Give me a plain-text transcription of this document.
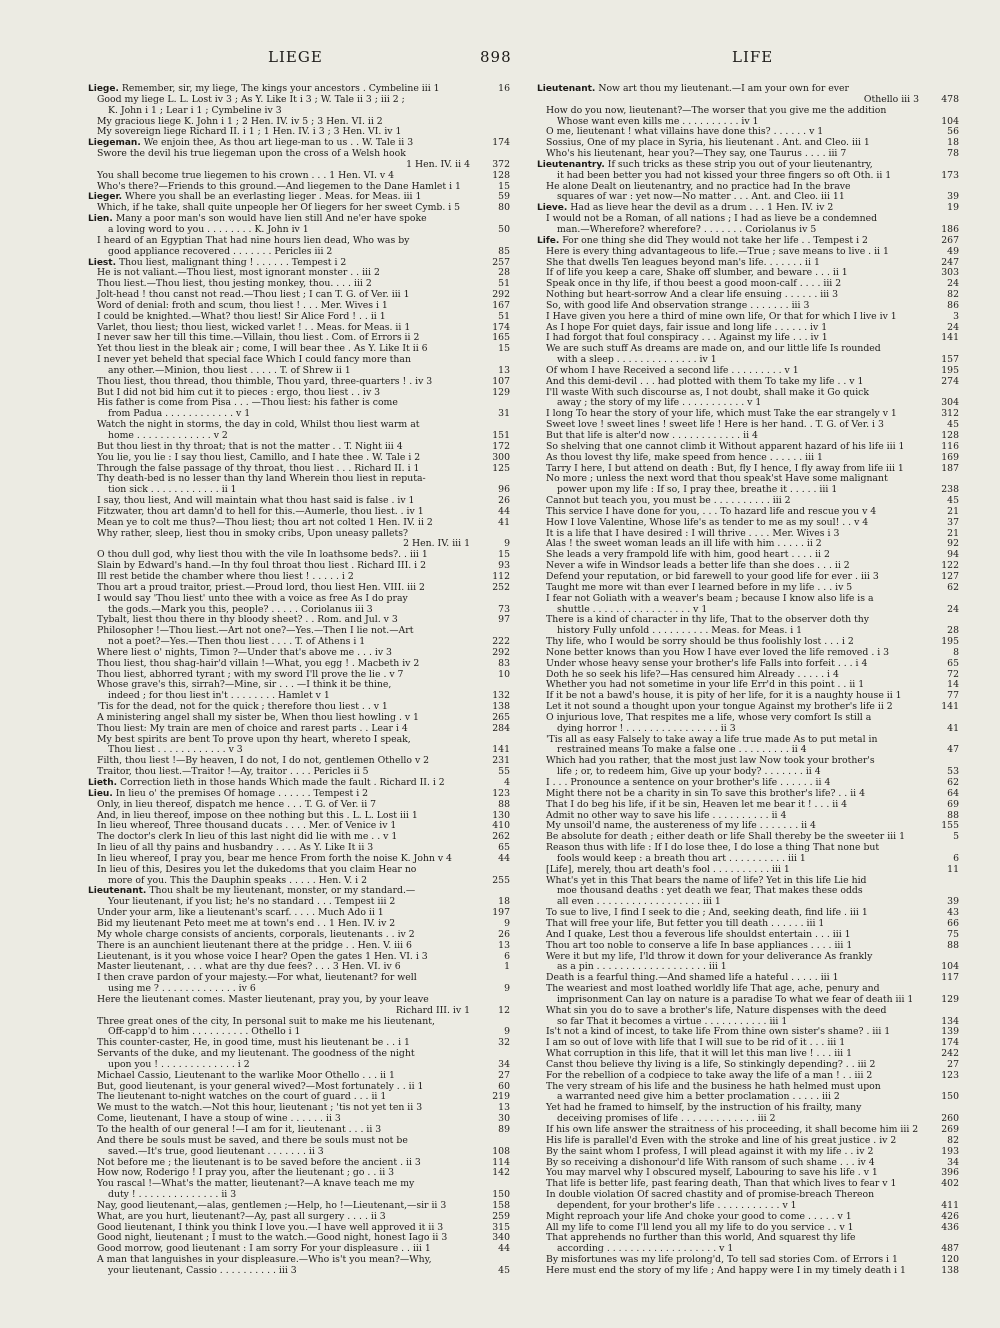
LIEGE	898	LIFE
Liege. Remember, sir, my liege, The kings your ancestors . Cymbeline iii 1	16
Good my liege L. L. Lost iv 3 ; As Y. Like It i 3 ; W. Tale ii 3 ; iii 2 ;
K. John i 1 ; Lear i 1 ; Cymbeline iv 3
My gracious liege K. John i 1 ; 2 Hen. IV. iv 5 ; 3 Hen. VI. ii 2
My sovereign liege Richard II. i 1 ; 1 Hen. IV. i 3 ; 3 Hen. VI. iv 1
Liegeman. We enjoin thee, As thou art liege-man to us . . W. Tale ii 3	174
Swore the devil his true liegeman upon the cross of a Welsh hook
1 Hen. IV. ii 4	372
You shall become true liegemen to his crown . . . 1 Hen. VI. v 4	128
Who's there?—Friends to this ground.—And liegemen to the Dane Hamlet i 1	15
Lieger. Where you shall be an everlasting lieger . Meas. for Meas. iii 1	59
Which, if he take, shall quite unpeople her Of liegers for her sweet Cymb. i 5	80
Lien. Many a poor man's son would have lien still And ne'er have spoke
a loving word to you . . . . . . . . K. John iv 1	50
I heard of an Egyptian That had nine hours lien dead, Who was by
good appliance recovered . . . . . . . Pericles iii 2	85
Liest. Thou liest, malignant thing ! . . . . . . Tempest i 2	257
He is not valiant.—Thou liest, most ignorant monster . . iii 2	28
Thou liest.—Thou liest, thou jesting monkey, thou. . . . iii 2	51
Jolt-head ! thou canst not read.—Thou liest ; I can T. G. of Ver. iii 1	292
Word of denial: froth and scum, thou liest ! . . . Mer. Wives i 1	167
I could be knighted.—What? thou liest! Sir Alice Ford ! . . ii 1	51
Varlet, thou liest; thou liest, wicked varlet ! . . Meas. for Meas. ii 1	174
I never saw her till this time.—Villain, thou liest . Com. of Errors ii 2	165
Yet thou liest in the bleak air ; come, I will bear thee . As Y. Like It ii 6	15
I never yet beheld that special face Which I could fancy more than
any other.—Minion, thou liest . . . . . T. of Shrew ii 1	13
Thou liest, thou thread, thou thimble, Thou yard, three-quarters ! . iv 3	107
But I did not bid him cut it to pieces : ergo, thou liest . . iv 3	129
His father is come from Pisa . . . —Thou liest: his father is come
from Padua . . . . . . . . . . . . v 1	31
Watch the night in storms, the day in cold, Whilst thou liest warm at
home . . . . . . . . . . . . . v 2	151
But thou liest in thy throat; that is not the matter . . T. Night iii 4	172
You lie, you lie : I say thou liest, Camillo, and I hate thee . W. Tale i 2	300
Through the false passage of thy throat, thou liest . . . Richard II. i 1	125
Thy death-bed is no lesser than thy land Wherein thou liest in reputa-
tion sick . . . . . . . . . . . . ii 1	96
I say, thou liest, And will maintain what thou hast said is false . iv 1	26
Fitzwater, thou art damn'd to hell for this.—Aumerle, thou liest. . iv 1	44
Mean ye to colt me thus?—Thou liest; thou art not colted 1 Hen. IV. ii 2	41
Why rather, sleep, liest thou in smoky cribs, Upon uneasy pallets?
2 Hen. IV. iii 1	9
O thou dull god, why liest thou with the vile In loathsome beds?. . iii 1	15
Slain by Edward's hand.—In thy foul throat thou liest . Richard III. i 2	93
Ill rest betide the chamber where thou liest ! . . . . . i 2	112
Thou art a proud traitor, priest.—Proud lord, thou liest Hen. VIII. iii 2	252
I would say 'Thou liest' unto thee with a voice as free As I do pray
the gods.—Mark you this, people? . . . . . Coriolanus iii 3	73
Tybalt, liest thou there in thy bloody sheet? . . Rom. and Jul. v 3	97
Philosopher !—Thou liest.—Art not one?—Yes.—Then I lie not.—Art
not a poet?—Yes.—Then thou liest . . . . T. of Athens i 1	222
Where liest o' nights, Timon ?—Under that's above me . . . iv 3	292
Thou liest, thou shag-hair'd villain !—What, you egg ! . Macbeth iv 2	83
Thou liest, abhorred tyrant ; with my sword I'll prove the lie . v 7	10
Whose grave's this, sirrah?—Mine, sir . . . —I think it be thine,
indeed ; for thou liest in't . . . . . . . . Hamlet v 1	132
'Tis for the dead, not for the quick ; therefore thou liest . . v 1	138
A ministering angel shall my sister be, When thou liest howling . v 1	265
Thou liest: My train are men of choice and rarest parts . . Lear i 4	284
My best spirits are bent To prove upon thy heart, whereto I speak,
Thou liest . . . . . . . . . . . . v 3	141
Filth, thou liest !—By heaven, I do not, I do not, gentlemen Othello v 2	231
Traitor, thou liest.—Traitor !—Ay, traitor . . . . Pericles ii 5	55
Lieth. Correction lieth in those hands Which made the fault . Richard II. i 2	4
Lieu. In lieu o' the premises Of homage . . . . . . Tempest i 2	123
Only, in lieu thereof, dispatch me hence . . . T. G. of Ver. ii 7	88
And, in lieu thereof, impose on thee nothing but this . L. L. Lost iii 1	130
In lieu whereof, Three thousand ducats . . . . Mer. of Venice iv 1	410
The doctor's clerk In lieu of this last night did lie with me . . v 1	262
In lieu of all thy pains and husbandry . . . . As Y. Like It ii 3	65
In lieu whereof, I pray you, bear me hence From forth the noise K. John v 4	44
In lieu of this, Desires you let the dukedoms that you claim Hear no
more of you. This the Dauphin speaks . . . . . Hen. V. i 2	255
Lieutenant. Thou shalt be my lieutenant, monster, or my standard.—
Your lieutenant, if you list; he's no standard . . . Tempest iii 2	18
Under your arm, like a lieutenant's scarf. . . . . Much Ado ii 1	197
Bid my lieutenant Peto meet me at town's end . . 1 Hen. IV. iv 2	9
My whole charge consists of ancients, corporals, lieutenants . . iv 2	26
There is an aunchient lieutenant there at the pridge . . Hen. V. iii 6	13
Lieutenant, is it you whose voice I hear? Open the gates 1 Hen. VI. i 3	6
Master lieutenant, . . . what are thy due fees? . . . 3 Hen. VI. iv 6	1
I then crave pardon of your majesty.—For what, lieutenant? for well
using me ? . . . . . . . . . . . . . iv 6	9
Here the lieutenant comes. Master lieutenant, pray you, by your leave
Richard III. iv 1	12
Three great ones of the city, In personal suit to make me his lieutenant,
Off-capp'd to him . . . . . . . . . . Othello i 1	9
This counter-caster, He, in good time, must his lieutenant be . . i 1	32
Servants of the duke, and my lieutenant. The goodness of the night
upon you ! . . . . . . . . . . . . . i 2	34
Michael Cassio, Lieutenant to the warlike Moor Othello . . . ii 1	27
But, good lieutenant, is your general wived?—Most fortunately . . ii 1	60
The lieutenant to-night watches on the court of guard . . . ii 1	219
We must to the watch.—Not this hour, lieutenant ; 'tis not yet ten ii 3	13
Come, lieutenant, I have a stoup of wine . . . . . . ii 3	30
To the health of our general !—I am for it, lieutenant . . . ii 3	89
And there be souls must be saved, and there be souls must not be
saved.—It's true, good lieutenant . . . . . . . ii 3	108
Not before me ; the lieutenant is to be saved before the ancient . ii 3	114
How now, Roderigo ! I pray you, after the lieutenant ; go . . ii 3	142
You rascal !—What's the matter, lieutenant?—A knave teach me my
duty ! . . . . . . . . . . . . . . ii 3	150
Nay, good lieutenant,—alas, gentlemen ;—Help, ho !—Lieutenant,—sir ii 3	158
What, are you hurt, lieutenant?—Ay, past all surgery . . . . ii 3	259
Good lieutenant, I think you think I love you.—I have well approved it ii 3	315
Good night, lieutenant ; I must to the watch.—Good night, honest Iago ii 3	340
Good morrow, good lieutenant : I am sorry For your displeasure . . iii 1	44
A man that languishes in your displeasure.—Who is't you mean?—Why,
your lieutenant, Cassio . . . . . . . . . . iii 3	45
Lieutenant. Now art thou my lieutenant.—I am your own for ever
Othello iii 3	478
How do you now, lieutenant?—The worser that you give me the addition
Whose want even kills me . . . . . . . . . . iv 1	104
O me, lieutenant ! what villains have done this? . . . . . . v 1	56
Sossius, One of my place in Syria, his lieutenant . Ant. and Cleo. iii 1	18
Who's his lieutenant, hear you?—They say, one Taurus . . . . iii 7	78
Lieutenantry. If such tricks as these strip you out of your lieutenantry,
it had been better you had not kissed your three fingers so oft Oth. ii 1	173
He alone Dealt on lieutenantry, and no practice had In the brave
squares of war : yet now—No matter . . . Ant. and Cleo. iii 11	39
Lieve. Had as lieve hear the devil as a drum . . . 1 Hen. IV. iv 2	19
I would not be a Roman, of all nations ; I had as lieve be a condemned
man.—Wherefore? wherefore? . . . . . . . Coriolanus iv 5	186
Life. For one thing she did They would not take her life . . Tempest i 2	267
Here is every thing advantageous to life.—True ; save means to live . ii 1	49
She that dwells Ten leagues beyond man's life. . . . . . . ii 1	247
If of life you keep a care, Shake off slumber, and beware . . . ii 1	303
Speak once in thy life, if thou beest a good moon-calf . . . . iii 2	24
Nothing but heart-sorrow And a clear life ensuing . . . . . . iii 3	82
So, with good life And observation strange . . . . . . . iii 3	86
I Have given you here a third of mine own life, Or that for which I live iv 1	3
As I hope For quiet days, fair issue and long life . . . . . . iv 1	24
I had forgot that foul conspiracy . . . Against my life . . . iv 1	141
We are such stuff As dreams are made on, and our little life Is rounded
with a sleep . . . . . . . . . . . . . . iv 1	157
Of whom I have Received a second life . . . . . . . . . v 1	195
And this demi-devil . . . had plotted with them To take my life . . v 1	274
I'll waste With such discourse as, I not doubt, shall make it Go quick
away ; the story of my life . . . . . . . . . . . v 1	304
I long To hear the story of your life, which must Take the ear strangely v 1	312
Sweet love ! sweet lines ! sweet life ! Here is her hand. . T. G. of Ver. i 3	45
But that life is alter'd now . . . . . . . . . . . . ii 4	128
So shelving that one cannot climb it Without apparent hazard of his life iii 1	116
As thou lovest thy life, make speed from hence . . . . . . iii 1	169
Tarry I here, I but attend on death : But, fly I hence, I fly away from life iii 1	187
No more ; unless the next word that thou speak'st Have some malignant
power upon my life : If so, I pray thee, breathe it . . . . . iii 1	238
Cannot but teach you, you must be . . . . . . . . . . iii 2	45
This service I have done for you, . . . To hazard life and rescue you v 4	21
How I love Valentine, Whose life's as tender to me as my soul! . . v 4	37
It is a life that I have desired : I will thrive . . . . Mer. Wives i 3	21
Alas ! the sweet woman leads an ill life with him . . . . . ii 2	92
She leads a very frampold life with him, good heart . . . . ii 2	94
Never a wife in Windsor leads a better life than she does . . . ii 2	122
Defend your reputation, or bid farewell to your good life for ever . iii 3	127
Taught me more wit than ever I learned before in my life . . . iv 5	62
I fear not Goliath with a weaver's beam ; because I know also life is a
shuttle . . . . . . . . . . . . . . . . . v 1	24
There is a kind of character in thy life, That to the observer doth thy
history Fully unfold . . . . . . . . . . Meas. for Meas. i 1	28
Thy life, who I would be sorry should be thus foolishly lost . . . i 2	195
None better knows than you How I have ever loved the life removed . i 3	8
Under whose heavy sense your brother's life Falls into forfeit . . . i 4	65
Doth he so seek his life?—Has censured him Already . . . . . i 4	72
Whether you had not sometime in your life Err'd in this point . . ii 1	14
If it be not a bawd's house, it is pity of her life, for it is a naughty house ii 1	77
Let it not sound a thought upon your tongue Against my brother's life ii 2	141
O injurious love, That respites me a life, whose very comfort Is still a
dying horror ! . . . . . . . . . . . . . . . . ii 3	41
'Tis all as easy Falsely to take away a life true made As to put metal in
restrained means To make a false one . . . . . . . . . ii 4	47
Which had you rather, that the most just law Now took your brother's
life ; or, to redeem him, Give up your body? . . . . . . . ii 4	53
I . . . Pronounce a sentence on your brother's life . . . . . . ii 4	62
Might there not be a charity in sin To save this brother's life? . . ii 4	64
That I do beg his life, if it be sin, Heaven let me bear it ! . . . ii 4	69
Admit no other way to save his life . . . . . . . . . . ii 4	88
My unsoil'd name, the austereness of my life . . . . . . . ii 4	155
Be absolute for death ; either death or life Shall thereby be the sweeter iii 1	5
Reason thus with life : If I do lose thee, I do lose a thing That none but
fools would keep : a breath thou art . . . . . . . . . . iii 1	6
[Life], merely, thou art death's fool . . . . . . . . . . iii 1	11
What's yet in this That bears the name of life? Yet in this life Lie hid
moe thousand deaths : yet death we fear, That makes these odds
all even . . . . . . . . . . . . . . . . . . iii 1	39
To sue to live, I find I seek to die ; And, seeking death, find life . iii 1	43
That will free your life, But fetter you till death . . . . . . iii 1	66
And I quake, Lest thou a feverous life shouldst entertain . . . iii 1	75
Thou art too noble to conserve a life In base appliances . . . . iii 1	88
Were it but my life, I'ld throw it down for your deliverance As frankly
as a pin . . . . . . . . . . . . . . . . . . . iii 1	104
Death is a fearful thing.—And shamed life a hateful . . . . . iii 1	117
The weariest and most loathed worldly life That age, ache, penury and
imprisonment Can lay on nature is a paradise To what we fear of death iii 1	129
What sin you do to save a brother's life, Nature dispenses with the deed
so far That it becomes a virtue . . . . . . . . . . . iii 1	134
Is't not a kind of incest, to take life From thine own sister's shame? . iii 1	139
I am so out of love with life that I will sue to be rid of it . . . iii 1	174
What corruption in this life, that it will let this man live ! . . . iii 1	242
Canst thou believe thy living is a life, So stinkingly depending? . . iii 2	27
For the rebellion of a codpiece to take away the life of a man ! . . iii 2	123
The very stream of his life and the business he hath helmed must upon
a warranted need give him a better proclamation . . . . . iii 2	150
Yet had he framed to himself, by the instruction of his frailty, many
deceiving promises of life . . . . . . . . . . . . . iii 2	260
If his own life answer the straitness of his proceeding, it shall become him iii 2	269
His life is parallel'd Even with the stroke and line of his great justice . iv 2	82
By the saint whom I profess, I will plead against it with my life . . iv 2	193
By so receiving a dishonour'd life With ransom of such shame . . . iv 4	34
You may marvel why I obscured myself, Labouring to save his life . v 1	396
That life is better life, past fearing death, Than that which lives to fear v 1	402
In double violation Of sacred chastity and of promise-breach Thereon
dependent, for your brother's life . . . . . . . . . . . v 1	411
Might reproach your life And choke your good to come . . . . . v 1	426
All my life to come I'll lend you all my life to do you service . . v 1	436
That apprehends no further than this world, And squarest thy life
according . . . . . . . . . . . . . . . . . . . v 1	487
By misfortunes was my life prolong'd, To tell sad stories Com. of Errors i 1	120
Here must end the story of my life ; And happy were I in my timely death i 1	138
